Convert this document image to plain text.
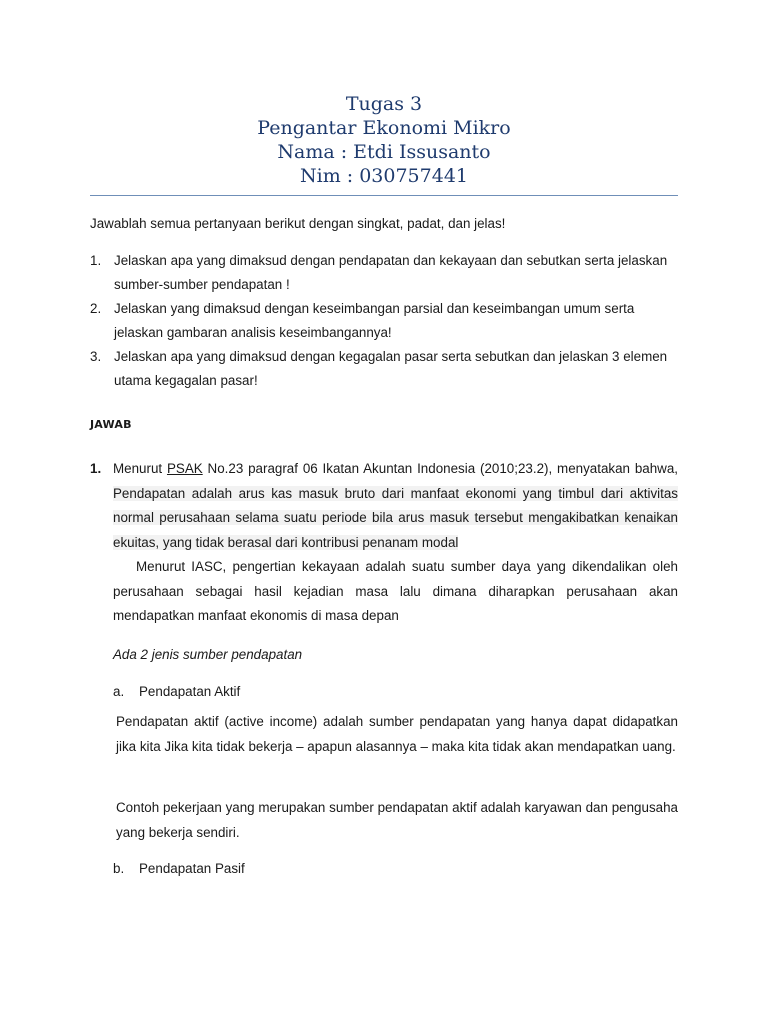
Tugas 3

Pengantar Ekonomi Mikro

Nama : Etdi Issusanto

Nim : 030757441

Jawablah semua pertanyaan berikut dengan singkat, padat, dan jelas!

1. Jelaskan apa yang dimaksud dengan pendapatan dan kekayaan dan sebutkan serta jelaskan sumber-sumber pendapatan !
2. Jelaskan yang dimaksud dengan keseimbangan parsial dan keseimbangan umum serta jelaskan gambaran analisis keseimbangannya!
3. Jelaskan apa yang dimaksud dengan kegagalan pasar serta sebutkan dan jelaskan 3 elemen utama kegagalan pasar!
JAWAB
1. Menurut PSAK No.23 paragraf 06 Ikatan Akuntan Indonesia (2010;23.2), menyatakan bahwa, Pendapatan adalah arus kas masuk bruto dari manfaat ekonomi yang timbul dari aktivitas normal perusahaan selama suatu periode bila arus masuk tersebut mengakibatkan kenaikan ekuitas, yang tidak berasal dari kontribusi penanam modal

Menurut IASC, pengertian kekayaan adalah suatu sumber daya yang dikendalikan oleh perusahaan sebagai hasil kejadian masa lalu dimana diharapkan perusahaan akan mendapatkan manfaat ekonomis di masa depan

Ada 2 jenis sumber pendapatan
a.	Pendapatan Aktif

Pendapatan aktif (active income) adalah sumber pendapatan yang hanya dapat didapatkan jika kita Jika kita tidak bekerja – apapun alasannya – maka kita tidak akan mendapatkan uang.

Contoh pekerjaan yang merupakan sumber pendapatan aktif adalah karyawan dan pengusaha yang bekerja sendiri.

b.	Pendapatan Pasif
